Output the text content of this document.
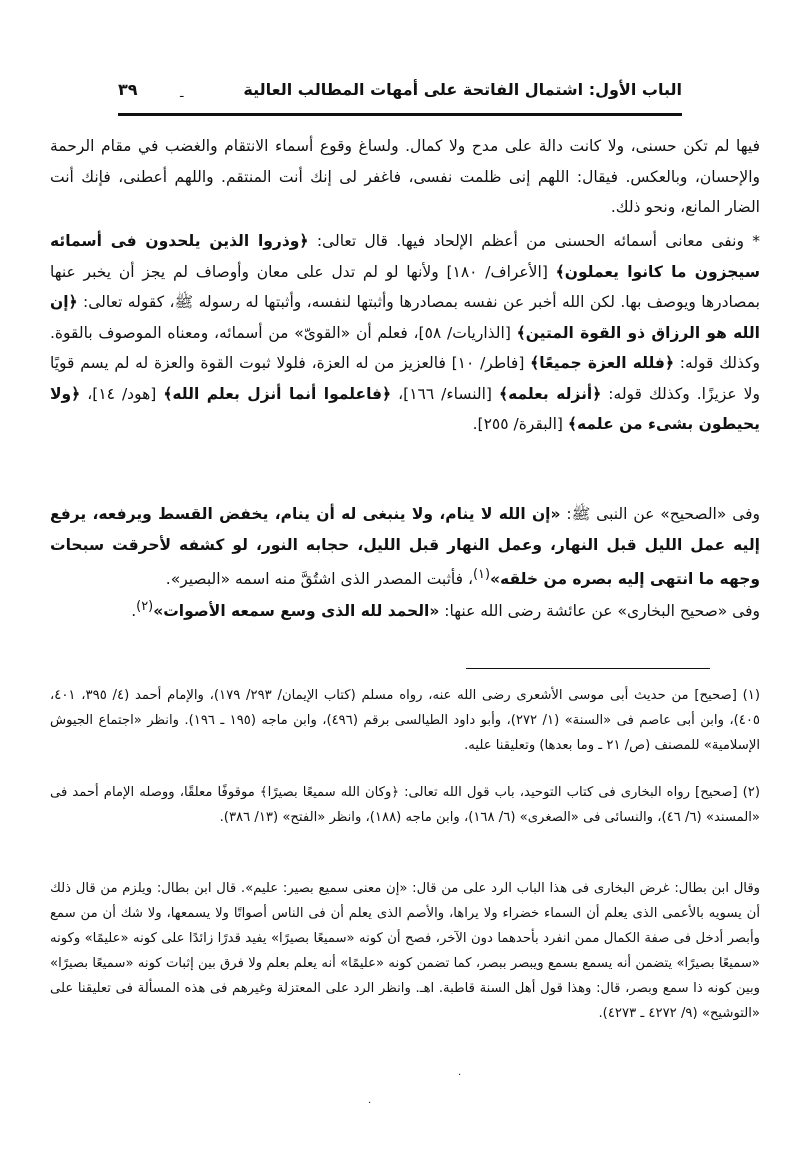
الباب الأول: اشتمال الفاتحة على أمهات المطالب العالية
٣٩	ـ

فيها لم تكن حسنى، ولا كانت دالة على مدح ولا كمال. ولساغ وقوع أسماء الانتقام والغضب في مقام الرحمة والإحسان، وبالعكس. فيقال: اللهم إنى ظلمت نفسى، فاغفر لى إنك أنت المنتقم. واللهم أعطنى، فإنك أنت الضار المانع، ونحو ذلك.

* ونفى معانى أسمائه الحسنى من أعظم الإلحاد فيها. قال تعالى: ﴿وذروا الذين يلحدون فى أسمائه سيجزون ما كانوا يعملون﴾ [الأعراف/ ١٨٠] ولأنها لو لم تدل على معان وأوصاف لم يجز أن يخبر عنها بمصادرها ويوصف بها. لكن الله أخبر عن نفسه بمصادرها وأثبتها لنفسه، وأثبتها له رسوله ﷺ، كقوله تعالى: ﴿إن الله هو الرزاق ذو القوة المتين﴾ [الذاريات/ ٥٨]، فعلم أن «القوىّ» من أسمائه، ومعناه الموصوف بالقوة. وكذلك قوله: ﴿فلله العزة جميعًا﴾ [فاطر/ ١٠] فالعزيز من له العزة، فلولا ثبوت القوة والعزة له لم يسم قويًا ولا عزيزًا. وكذلك قوله: ﴿أنزله بعلمه﴾ [النساء/ ١٦٦]، ﴿فاعلموا أنما أنزل بعلم الله﴾ [هود/ ١٤]، ﴿ولا يحيطون بشىء من علمه﴾ [البقرة/ ٢٥٥].

وفى «الصحيح» عن النبى ﷺ: «إن الله لا ينام، ولا ينبغى له أن ينام، يخفض القسط ويرفعه، يرفع إليه عمل الليل قبل النهار، وعمل النهار قبل الليل، حجابه النور، لو كشفه لأحرقت سبحات وجهه ما انتهى إليه بصره من خلقه»$^{(١)}$، فأثبت المصدر الذى اشتُقَّ منه اسمه «البصير».

وفى «صحيح البخارى» عن عائشة رضى الله عنها: «الحمد لله الذى وسع سمعه الأصوات»$^{(٢)}$.

(١) [صحيح] من حديث أبى موسى الأشعرى رضى الله عنه، رواه مسلم (كتاب الإيمان/ ٢٩٣/ ١٧٩)، والإمام أحمد (٤/ ٣٩٥، ٤٠١، ٤٠٥)، وابن أبى عاصم فى «السنة» (١/ ٢٧٢)، وأبو داود الطيالسى برقم (٤٩٦)، وابن ماجه (١٩٥ ـ ١٩٦). وانظر «اجتماع الجيوش الإسلامية» للمصنف (ص/ ٢١ ـ وما بعدها) وتعليقنا عليه.

(٢) [صحيح] رواه البخارى فى كتاب التوحيد، باب قول الله تعالى: ﴿وكان الله سميعًا بصيرًا﴾ موقوفًا معلقًا، ووصله الإمام أحمد فى «المسند» (٦/ ٤٦)، والنسائى فى «الصغرى» (٦/ ١٦٨)، وابن ماجه (١٨٨)، وانظر «الفتح» (١٣/ ٣٨٦).

وقال ابن بطال: غرض البخارى فى هذا الباب الرد على من قال: «إن معنى سميع بصير: عليم». قال ابن بطال: ويلزم من قال ذلك أن يسويه بالأعمى الذى يعلم أن السماء خضراء ولا يراها، والأصم الذى يعلم أن فى الناس أصواتًا ولا يسمعها، ولا شك أن من سمع وأبصر أدخل فى صفة الكمال ممن انفرد بأحدهما دون الآخر، فصح أن كونه «سميعًا بصيرًا» يفيد قدرًا زائدًا على كونه «عليمًا» وكونه «سميعًا بصيرًا» يتضمن أنه يسمع بسمع ويبصر ببصر، كما تضمن كونه «عليمًا» أنه يعلم بعلم ولا فرق بين إثبات كونه «سميعًا بصيرًا» وبين كونه ذا سمع وبصر، قال: وهذا قول أهل السنة قاطبة. اهـ. وانظر الرد على المعتزلة وغيرهم فى هذه المسألة فى تعليقنا على «التوشيح» (٩/ ٤٢٧٢ ـ ٤٢٧٣).

·
·
